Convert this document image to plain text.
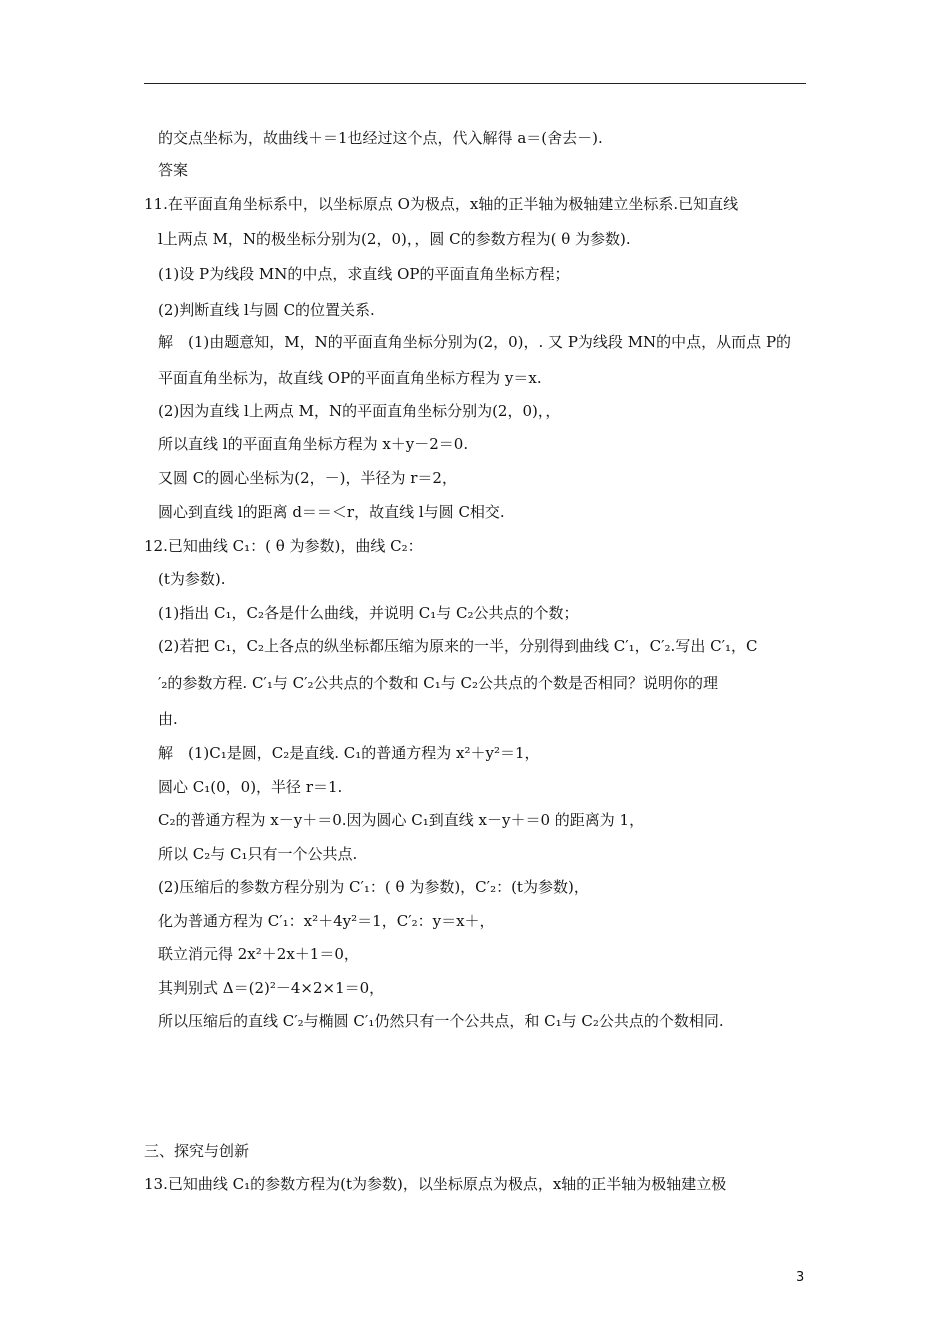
的交点坐标为，故曲线＋＝1也经过这个点，代入解得 a＝(舍去－).
答案
11.在平面直角坐标系中，以坐标原点 O为极点，x轴的正半轴为极轴建立坐标系.已知直线
l上两点 M，N的极坐标分别为(2，0)，，圆 C的参数方程为( θ 为参数).
(1)设 P为线段 MN的中点，求直线 OP的平面直角坐标方程；
(2)判断直线 l与圆 C的位置关系.
解　(1)由题意知，M，N的平面直角坐标分别为(2，0)，. 又 P为线段 MN的中点，从而点 P的
平面直角坐标为，故直线 OP的平面直角坐标方程为 y＝x.
(2)因为直线 l上两点 M，N的平面直角坐标分别为(2，0)，，
所以直线 l的平面直角坐标方程为 x＋y－2＝0.
又圆 C的圆心坐标为(2，－)，半径为 r＝2，
圆心到直线 l的距离 d＝＝＜r，故直线 l与圆 C相交.
12.已知曲线 C₁：( θ 为参数)，曲线 C₂：
(t为参数).
(1)指出 C₁，C₂各是什么曲线，并说明 C₁与 C₂公共点的个数；
(2)若把 C₁，C₂上各点的纵坐标都压缩为原来的一半，分别得到曲线 C′₁，C′₂.写出 C′₁，C
′₂的参数方程. C′₁与 C′₂公共点的个数和 C₁与 C₂公共点的个数是否相同？说明你的理
由.
解　(1)C₁是圆，C₂是直线. C₁的普通方程为 x²＋y²＝1，
圆心 C₁(0，0)，半径 r＝1.
C₂的普通方程为 x－y＋＝0.因为圆心 C₁到直线 x－y＋＝0 的距离为 1，
所以 C₂与 C₁只有一个公共点.
(2)压缩后的参数方程分别为 C′₁：( θ 为参数)，C′₂：(t为参数)，
化为普通方程为 C′₁：x²＋4y²＝1，C′₂：y＝x＋，
联立消元得 2x²＋2x＋1＝0，
其判别式 Δ＝(2)²－4×2×1＝0，
所以压缩后的直线 C′₂与椭圆 C′₁仍然只有一个公共点，和 C₁与 C₂公共点的个数相同.
三、探究与创新
13.已知曲线 C₁的参数方程为(t为参数)，以坐标原点为极点，x轴的正半轴为极轴建立极
3
